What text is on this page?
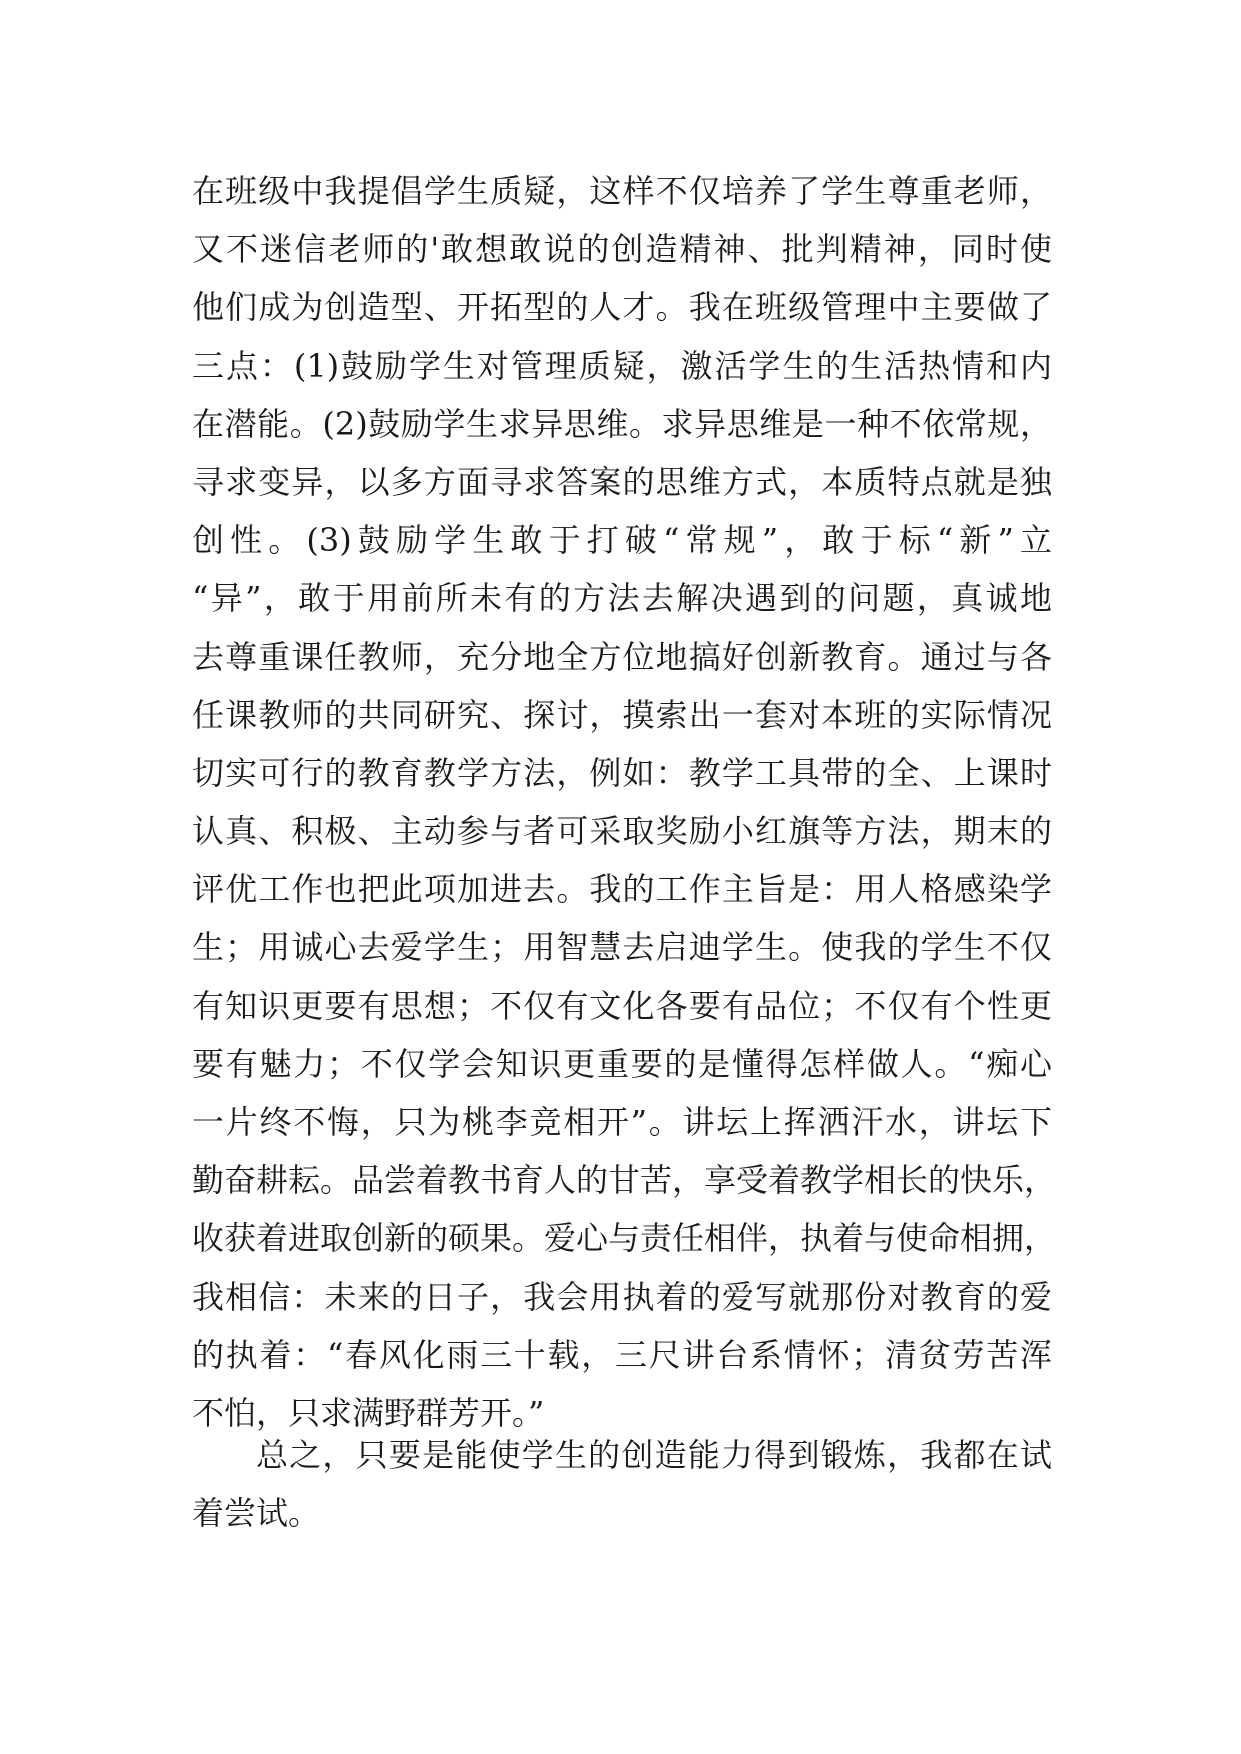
在班级中我提倡学生质疑，这样不仅培养了学生尊重老师，
又不迷信老师的'敢想敢说的创造精神、批判精神，同时使
他们成为创造型、开拓型的人才。我在班级管理中主要做了
三点：(1)鼓励学生对管理质疑，激活学生的生活热情和内
在潜能。(2)鼓励学生求异思维。求异思维是一种不依常规，
寻求变异，以多方面寻求答案的思维方式，本质特点就是独
创性。(3)鼓励学生敢于打破“常规”，敢于标“新”立
“异”，敢于用前所未有的方法去解决遇到的问题，真诚地
去尊重课任教师，充分地全方位地搞好创新教育。通过与各
任课教师的共同研究、探讨，摸索出一套对本班的实际情况
切实可行的教育教学方法，例如：教学工具带的全、上课时
认真、积极、主动参与者可采取奖励小红旗等方法，期末的
评优工作也把此项加进去。我的工作主旨是：用人格感染学
生；用诚心去爱学生；用智慧去启迪学生。使我的学生不仅
有知识更要有思想；不仅有文化各要有品位；不仅有个性更
要有魅力；不仅学会知识更重要的是懂得怎样做人。“痴心
一片终不悔，只为桃李竞相开”。讲坛上挥洒汗水，讲坛下
勤奋耕耘。品尝着教书育人的甘苦，享受着教学相长的快乐，
收获着进取创新的硕果。爱心与责任相伴，执着与使命相拥，
我相信：未来的日子，我会用执着的爱写就那份对教育的爱
的执着：“春风化雨三十载，三尺讲台系情怀；清贫劳苦浑
不怕，只求满野群芳开。”
总之，只要是能使学生的创造能力得到锻炼，我都在试
着尝试。
